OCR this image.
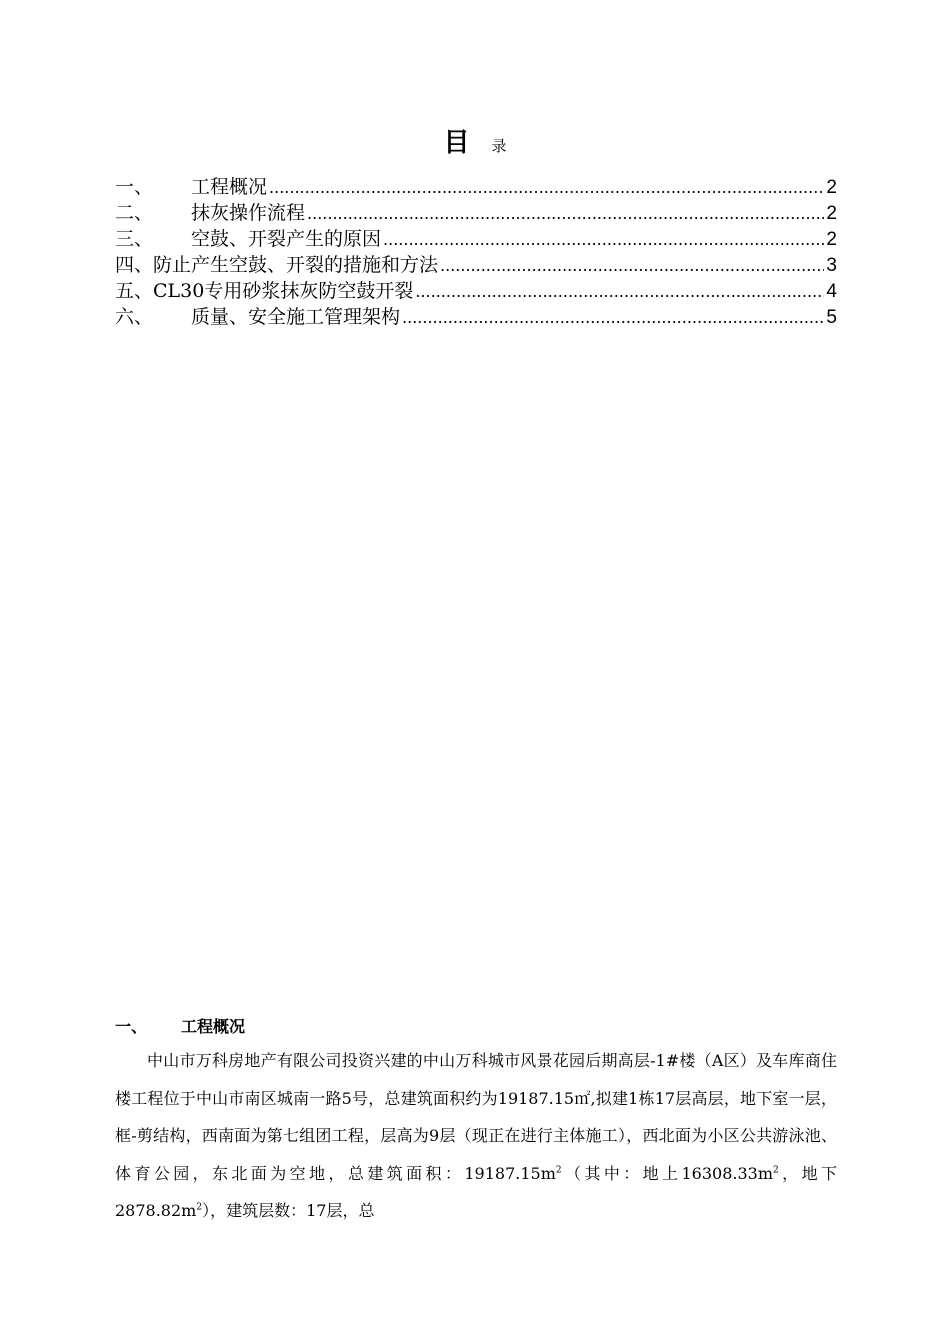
目 录
一、 工程概况 .....	2
二、 抹灰操作流程 .....	2
三、 空鼓、开裂产生的原因 .....	2
四、 防止产生空鼓、开裂的措施和方法 .....	3
五、 CL30专用砂浆抹灰防空鼓开裂 .....	4
六、 质量、安全施工管理架构 .....	5
一、 工程概况
中山市万科房地产有限公司投资兴建的中山万科城市风景花园后期高层-1#楼（A区）及车库商住楼工程位于中山市南区城南一路5号，总建筑面积约为19187.15㎡,拟建1栋17层高层，地下室一层，框-剪结构，西南面为第七组团工程，层高为9层（现正在进行主体施工），西北面为小区公共游泳池、体育公园，东北面为空地，总建筑面积：$19187.15m^2$（其中：地上$16308.33m^2$，地下$2878.82m^2$），建筑层数：17层，总
